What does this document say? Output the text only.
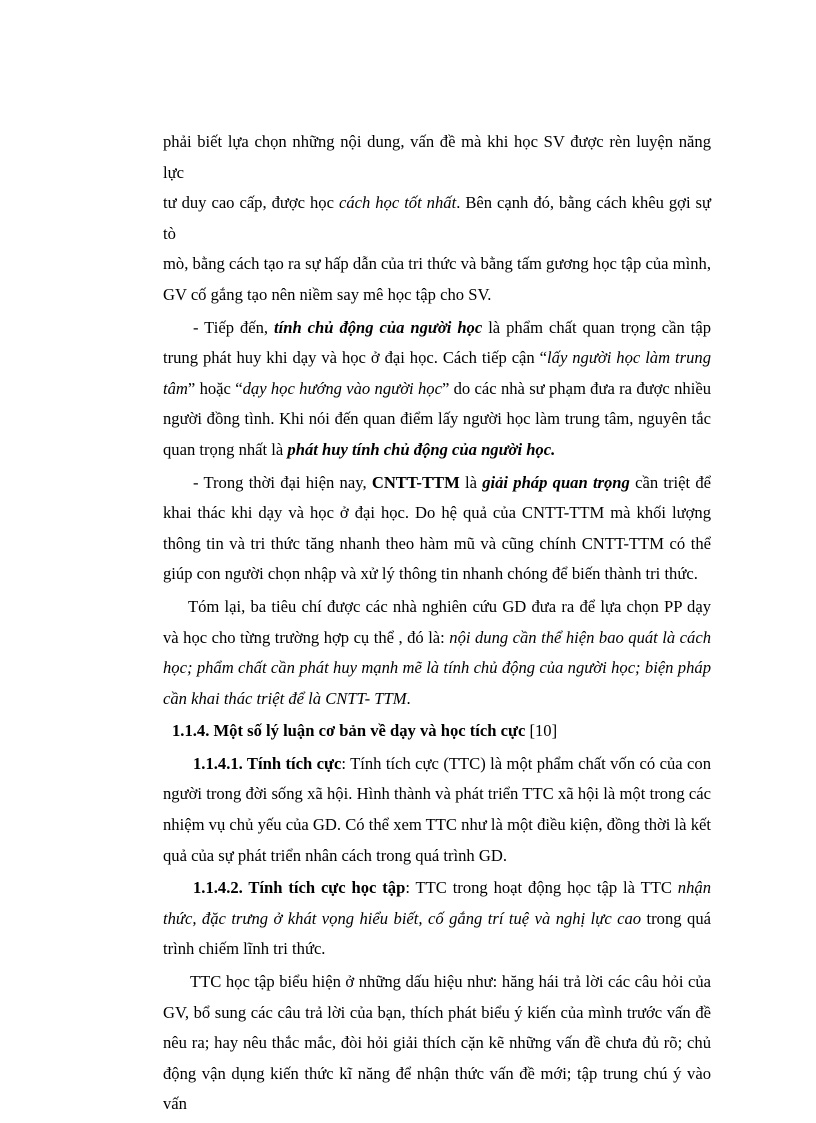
phải biết lựa chọn những nội dung, vấn đề mà khi học SV được rèn luyện năng lực

tư duy cao cấp, được học cách học tốt nhất. Bên cạnh đó, bằng cách khêu gợi sự tò

mò, bằng cách tạo ra sự hấp dẫn của tri thức và bằng tấm gương học tập của mình,

GV cố gắng tạo nên niềm say mê học tập cho SV.

- Tiếp đến, tính chủ động của người học là phẩm chất quan trọng cần tập trung phát huy khi dạy và học ở đại học. Cách tiếp cận “lấy người học làm trung tâm” hoặc “dạy học hướng vào người học” do các nhà sư phạm đưa ra được nhiều người đồng tình. Khi nói đến quan điểm lấy người học làm trung tâm, nguyên tắc quan trọng nhất là phát huy tính chủ động của người học.

- Trong thời đại hiện nay, CNTT-TTM là giải pháp quan trọng cần triệt để khai thác khi dạy và học ở đại học. Do hệ quả của CNTT-TTM mà khối lượng thông tin và tri thức tăng nhanh theo hàm mũ và cũng chính CNTT-TTM có thể giúp con người chọn nhập và xử lý thông tin nhanh chóng để biến thành tri thức.

Tóm lại, ba tiêu chí được các nhà nghiên cứu GD đưa ra để lựa chọn PP dạy và học cho từng trường hợp cụ thể , đó là: nội dung cần thể hiện bao quát là cách học; phẩm chất cần phát huy mạnh mẽ là tính chủ động của người học; biện pháp cần khai thác triệt để là CNTT- TTM.

1.1.4. Một số lý luận cơ bản về dạy và học tích cực [10]

1.1.4.1. Tính tích cực: Tính tích cực (TTC) là một phẩm chất vốn có của con người trong đời sống xã hội. Hình thành và phát triển TTC xã hội là một trong các nhiệm vụ chủ yếu của GD. Có thể xem TTC như là một điều kiện, đồng thời là kết quả của sự phát triển nhân cách trong quá trình GD.

1.1.4.2. Tính tích cực học tập: TTC trong hoạt động học tập là TTC nhận thức, đặc trưng ở khát vọng hiểu biết, cố gắng trí tuệ và nghị lực cao trong quá trình chiếm lĩnh tri thức.

TTC học tập biểu hiện ở những dấu hiệu như: hăng hái trả lời các câu hỏi của GV, bổ sung các câu trả lời của bạn, thích phát biểu ý kiến của mình trước vấn đề nêu ra; hay nêu thắc mắc, đòi hỏi giải thích cặn kẽ những vấn đề chưa đủ rõ; chủ động vận dụng kiến thức kĩ năng để nhận thức vấn đề mới; tập trung chú ý vào vấn
